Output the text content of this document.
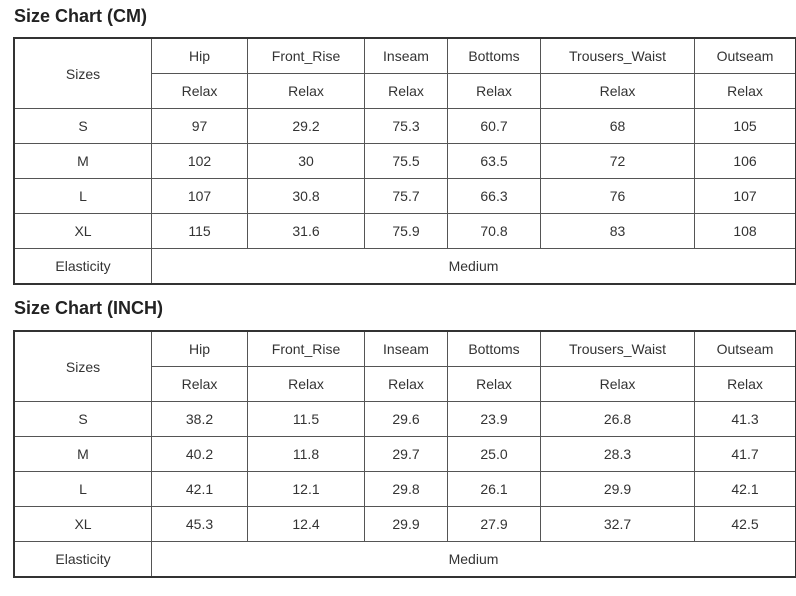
Size Chart (CM)
Sizes	Hip	Front_Rise	Inseam	Bottoms	Trousers_Waist	Outseam
	Relax	Relax	Relax	Relax	Relax	Relax
S	97	29.2	75.3	60.7	68	105
M	102	30	75.5	63.5	72	106
L	107	30.8	75.7	66.3	76	107
XL	115	31.6	75.9	70.8	83	108
Elasticity	Medium					
Size Chart (INCH)
Sizes	Hip	Front_Rise	Inseam	Bottoms	Trousers_Waist	Outseam
	Relax	Relax	Relax	Relax	Relax	Relax
S	38.2	11.5	29.6	23.9	26.8	41.3
M	40.2	11.8	29.7	25.0	28.3	41.7
L	42.1	12.1	29.8	26.1	29.9	42.1
XL	45.3	12.4	29.9	27.9	32.7	42.5
Elasticity	Medium					
